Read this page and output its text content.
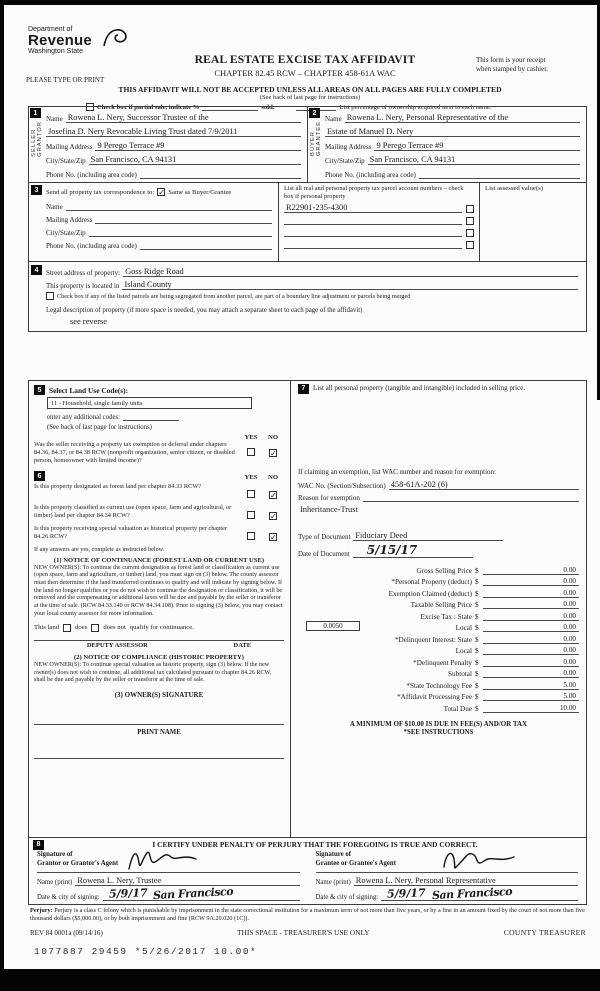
Department of
Revenue
Washington State
REAL ESTATE EXCISE TAX AFFIDAVIT
CHAPTER 82.45 RCW – CHAPTER 458-61A WAC
This form is your receipt
when stamped by cashier.
PLEASE TYPE OR PRINT
THIS AFFIDAVIT WILL NOT BE ACCEPTED UNLESS ALL AREAS ON ALL PAGES ARE FULLY COMPLETED
(See back of last page for instructions)
Check box if partial sale, indicate %	sold.	List percentage of ownership acquired next to each name.
1
SELLER GRANTOR
Name Rowena L. Nery, Successor Trustee of the
Josefina D. Nery Revocable Living Trust dated 7/9/2011
Mailing Address 9 Perego Terrace #9
City/State/Zip San Francisco, CA 94131
Phone No. (including area code)
2
BUYER GRANTEE
Name Rowena L. Nery, Personal Representative of the
Estate of Manuel D. Nery
Mailing Address 9 Perego Terrace #9
City/State/Zip San Francisco, CA 94131
Phone No. (including area code)
3	Send all property tax correspondence to: ✓ Same as Buyer/Grantee
Name
Mailing Address
City/State/Zip
Phone No. (including area code)
List all real and personal property tax parcel account numbers – check box if personal property
R22901-235-4300
List assessed value(s)
4	Street address of property: Goss Ridge Road
This property is located in Island County
Check box if any of the listed parcels are being segregated from another parcel, are part of a boundary line adjustment or parcels being merged
Legal description of property (if more space is needed, you may attach a separate sheet to each page of the affidavit)
see reverse
5	Select Land Use Code(s):
11 - Household, single family units
enter any additional codes:
(See back of last page for instructions)
YES	NO
Was the seller receiving a property tax exemption or deferral under chapters 84.36, 84.37, or 84.38 RCW (nonprofit organization, senior citizen, or disabled person, homeowner with limited income)?
✓
6	YES	NO
Is this property designated as forest land per chapter 84.33 RCW?
✓
Is this property classified as current use (open space, farm and agricultural, or timber) land per chapter 84.34 RCW?	✓
Is this property receiving special valuation as historical property per chapter 84.26 RCW?	✓
If any answers are yes, complete as instructed below.
(1) NOTICE OF CONTINUANCE (FOREST LAND OR CURRENT USE)
NEW OWNER(S): To continue the current designation as forest land or classification as current use (open space, farm and agriculture, or timber) land, you must sign on (3) below. The county assessor must then determine if the land transferred continues to qualify and will indicate by signing below. If the land no longer qualifies or you do not wish to continue the designation or classification, it will be removed and the compensating or additional taxes will be due and payable by the seller or transferor at the time of sale. (RCW 84.33.140 or RCW 84.34.108). Prior to signing (3) below, you may contact your local county assessor for more information.
This land does does not qualify for continuance.
DEPUTY ASSESSOR	DATE
(2) NOTICE OF COMPLIANCE (HISTORIC PROPERTY)
NEW OWNER(S): To continue special valuation as historic property, sign (3) below. If the new owner(s) does not wish to continue, all additional tax calculated pursuant to chapter 84.26 RCW, shall be due and payable by the seller or transferor at the time of sale.
(3) OWNER(S) SIGNATURE
PRINT NAME
7	List all personal property (tangible and intangible) included in selling price.
If claiming an exemption, list WAC number and reason for exemption:
WAC No. (Section/Subsection) 458-61A-202 (6)
Reason for exemption
Inheritance-Trust
Type of Document Fiduciary Deed
Date of Document	5/15/17
Gross Selling Price $	0.00
*Personal Property (deduct) $	0.00
Exemption Claimed (deduct) $	0.00
Taxable Selling Price $	0.00
Excise Tax : State $	0.00
0.0050	Local $	0.00
*Delinquent Interest: State $	0.00
Local $	0.00
*Delinquent Penalty $	0.00
Subtotal $	0.00
*State Technology Fee $	5.00
*Affidavit Processing Fee $	5.00
Total Due $	10.00
A MINIMUM OF $10.00 IS DUE IN FEE(S) AND/OR TAX
*SEE INSTRUCTIONS
8	I CERTIFY UNDER PENALTY OF PERJURY THAT THE FOREGOING IS TRUE AND CORRECT.
Signature of
Grantor or Grantor's Agent
Name (print) Rowena L. Nery, Trustee
Date & city of signing: 5/9/17 San Francisco
Signature of
Grantee or Grantee's Agent
Name (print) Rowena L. Nery, Personal Representative
Date & city of signing: 5/9/17 San Francisco
Perjury: Perjury is a class C felony which is punishable by imprisonment in the state correctional institution for a maximum term of not more than five years, or by a fine in an amount fixed by the court of not more than five thousand dollars ($5,000.00), or by both imprisonment and fine (RCW 9A.20.020 (1C)).
REV 84 0001a (09/14/16)	THIS SPACE - TREASURER'S USE ONLY	COUNTY TREASURER
1077887 29459 *5/26/2017 10.00*
